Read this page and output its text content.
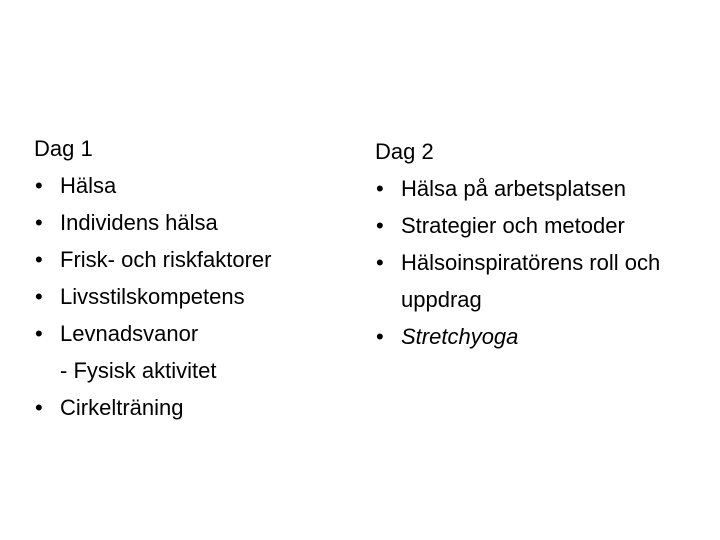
Dag 1
• Hälsa
• Individens hälsa
• Frisk- och riskfaktorer
• Livsstilskompetens
• Levnadsvanor
- Fysisk aktivitet
• Cirkelträning
Dag 2
• Hälsa på arbetsplatsen
• Strategier och metoder
• Hälsoinspiratörens roll och uppdrag
• Stretchyoga
